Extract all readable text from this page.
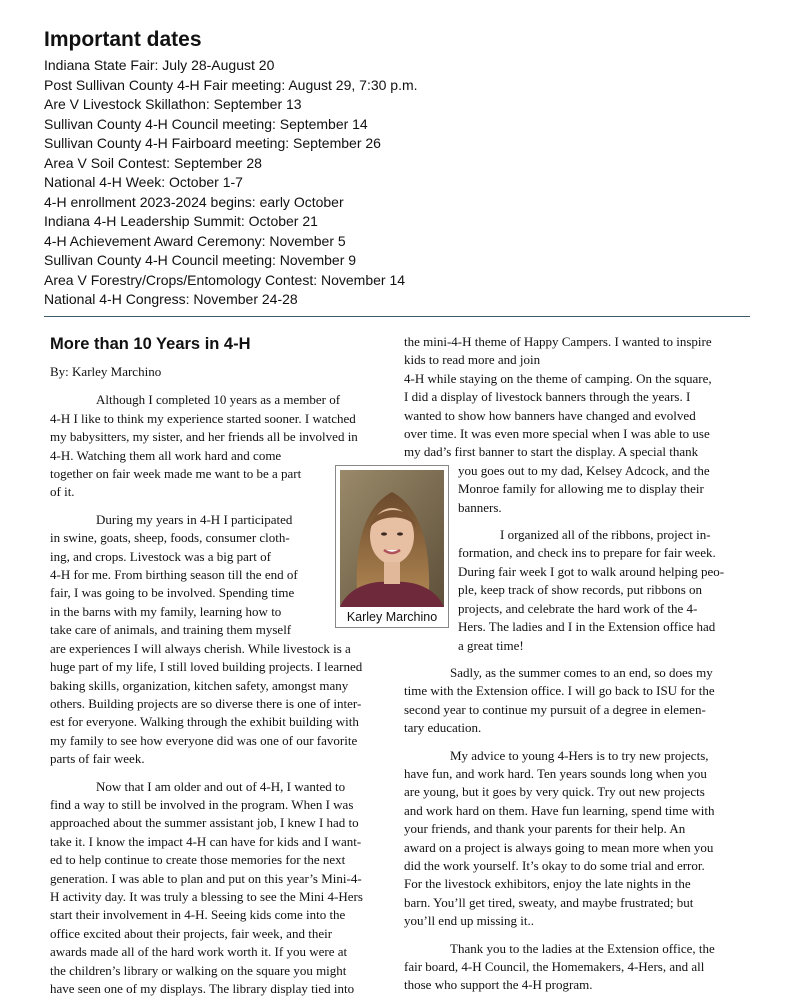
Important dates
Indiana State Fair: July 28-August 20
Post Sullivan County 4-H Fair meeting: August 29, 7:30 p.m.
Are V Livestock Skillathon: September 13
Sullivan County 4-H Council meeting: September 14
Sullivan County 4-H Fairboard meeting: September 26
Area V Soil Contest: September 28
National 4-H Week: October 1-7
4-H enrollment 2023-2024 begins: early October
Indiana 4-H Leadership Summit: October 21
4-H Achievement Award Ceremony: November 5
Sullivan County 4-H Council meeting: November 9
Area V Forestry/Crops/Entomology Contest: November 14
National 4-H Congress: November 24-28
More than 10 Years in 4-H

By: Karley Marchino

Although I completed 10 years as a member of
4-H I like to think my experience started sooner. I watched
my babysitters, my sister, and her friends all be involved in
4-H. Watching them all work hard and come
together on fair week made me want to be a part
of it.

During my years in 4-H I participated
in swine, goats, sheep, foods, consumer cloth-
ing, and crops. Livestock was a big part of
4-H for me. From birthing season till the end of
fair, I was going to be involved. Spending time
in the barns with my family, learning how to
take care of animals, and training them myself
are experiences I will always cherish. While livestock is a
huge part of my life, I still loved building projects. I learned
baking skills, organization, kitchen safety, amongst many
others. Building projects are so diverse there is one of inter-
est for everyone. Walking through the exhibit building with
my family to see how everyone did was one of our favorite
parts of fair week.

Now that I am older and out of 4-H, I wanted to
find a way to still be involved in the program. When I was
approached about the summer assistant job, I knew I had to
take it. I know the impact 4-H can have for kids and I want-
ed to help continue to create those memories for the next
generation. I was able to plan and put on this year’s Mini-4-
H activity day. It was truly a blessing to see the Mini 4-Hers
start their involvement in 4-H. Seeing kids come into the
office excited about their projects, fair week, and their
awards made all of the hard work worth it. If you were at
the children’s library or walking on the square you might
have seen one of my displays. The library display tied into

the mini-4-H theme of Happy Campers. I wanted to inspire
kids to read more and join
4-H while staying on the theme of camping. On the square,
I did a display of livestock banners through the years. I
wanted to show how banners have changed and evolved
over time. It was even more special when I was able to use
my dad’s first banner to start the display. A special thank
you goes out to my dad, Kelsey Adcock, and the
Monroe family for allowing me to display their
banners.

I organized all of the ribbons, project in-
formation, and check ins to prepare for fair week.
During fair week I got to walk around helping peo-
ple, keep track of show records, put ribbons on
projects, and celebrate the hard work of the 4-
Hers. The ladies and I in the Extension office had
a great time!

Sadly, as the summer comes to an end, so does my
time with the Extension office. I will go back to ISU for the
second year to continue my pursuit of a degree in elemen-
tary education.

My advice to young 4-Hers is to try new projects,
have fun, and work hard. Ten years sounds long when you
are young, but it goes by very quick. Try out new projects
and work hard on them. Have fun learning, spend time with
your friends, and thank your parents for their help. An
award on a project is always going to mean more when you
did the work yourself. It’s okay to do some trial and error.
For the livestock exhibitors, enjoy the late nights in the
barn. You’ll get tired, sweaty, and maybe frustrated; but
you’ll end up missing it..

Thank you to the ladies at the Extension office, the
fair board, 4-H Council, the Homemakers, 4-Hers, and all
those who support the 4-H program.

Karley Marchino
